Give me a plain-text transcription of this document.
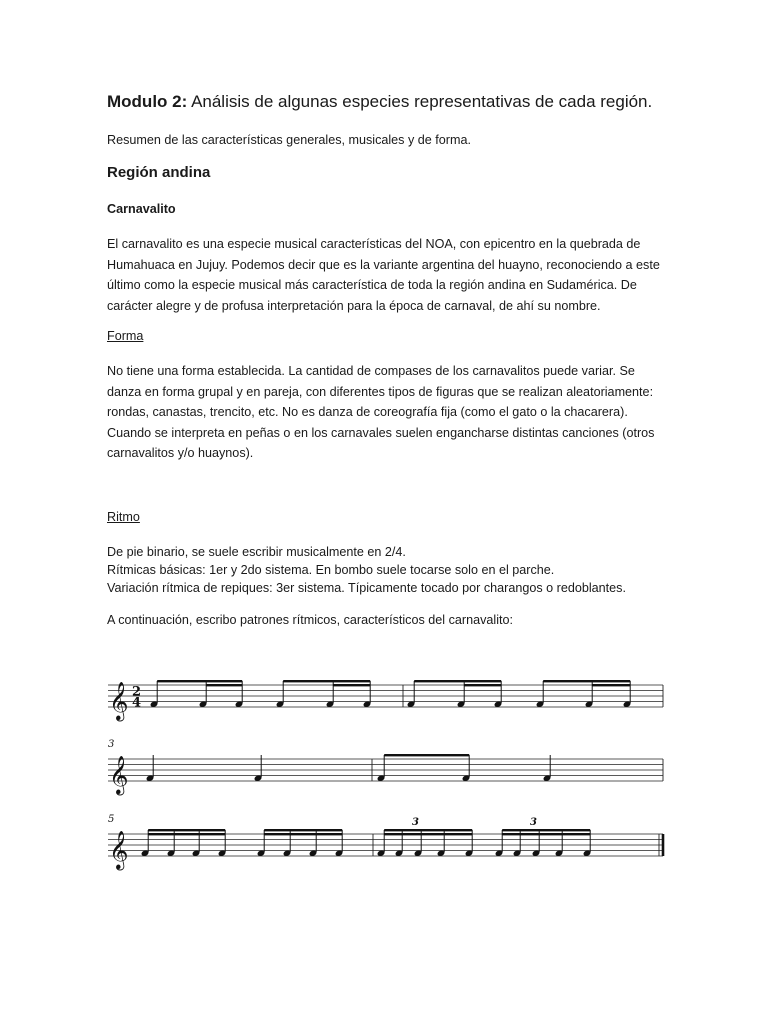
Modulo 2: Análisis de algunas especies representativas de cada región.

Resumen de las características generales, musicales y de forma.

Región andina

Carnavalito

El carnavalito es una especie musical características del NOA, con epicentro en la quebrada de

Humahuaca en Jujuy. Podemos decir que es la variante argentina del huayno, reconociendo a este

último como la especie musical más característica de toda la región andina en Sudamérica. De

carácter alegre y de profusa interpretación para la época de carnaval, de ahí su nombre.

Forma

No tiene una forma establecida. La cantidad de compases de los carnavalitos puede variar. Se

danza en forma grupal y en pareja, con diferentes tipos de figuras que se realizan aleatoriamente:

rondas, canastas, trencito, etc. No es danza de coreografía fija (como el gato o la chacarera).

Cuando se interpreta en peñas o en los carnavales suelen engancharse distintas canciones (otros

carnavalitos y/o huaynos).

Ritmo

De pie binario, se suele escribir musicalmente en 2/4.

Rítmicas básicas: 1er y 2do sistema. En bombo suele tocarse solo en el parche.

Variación rítmica de repiques: 3er sistema. Típicamente tocado por charangos o redoblantes.

A continuación, escribo patrones rítmicos, característicos del carnavalito:

𝄞
𝄞
𝄞
2
4
3
5	3	3
